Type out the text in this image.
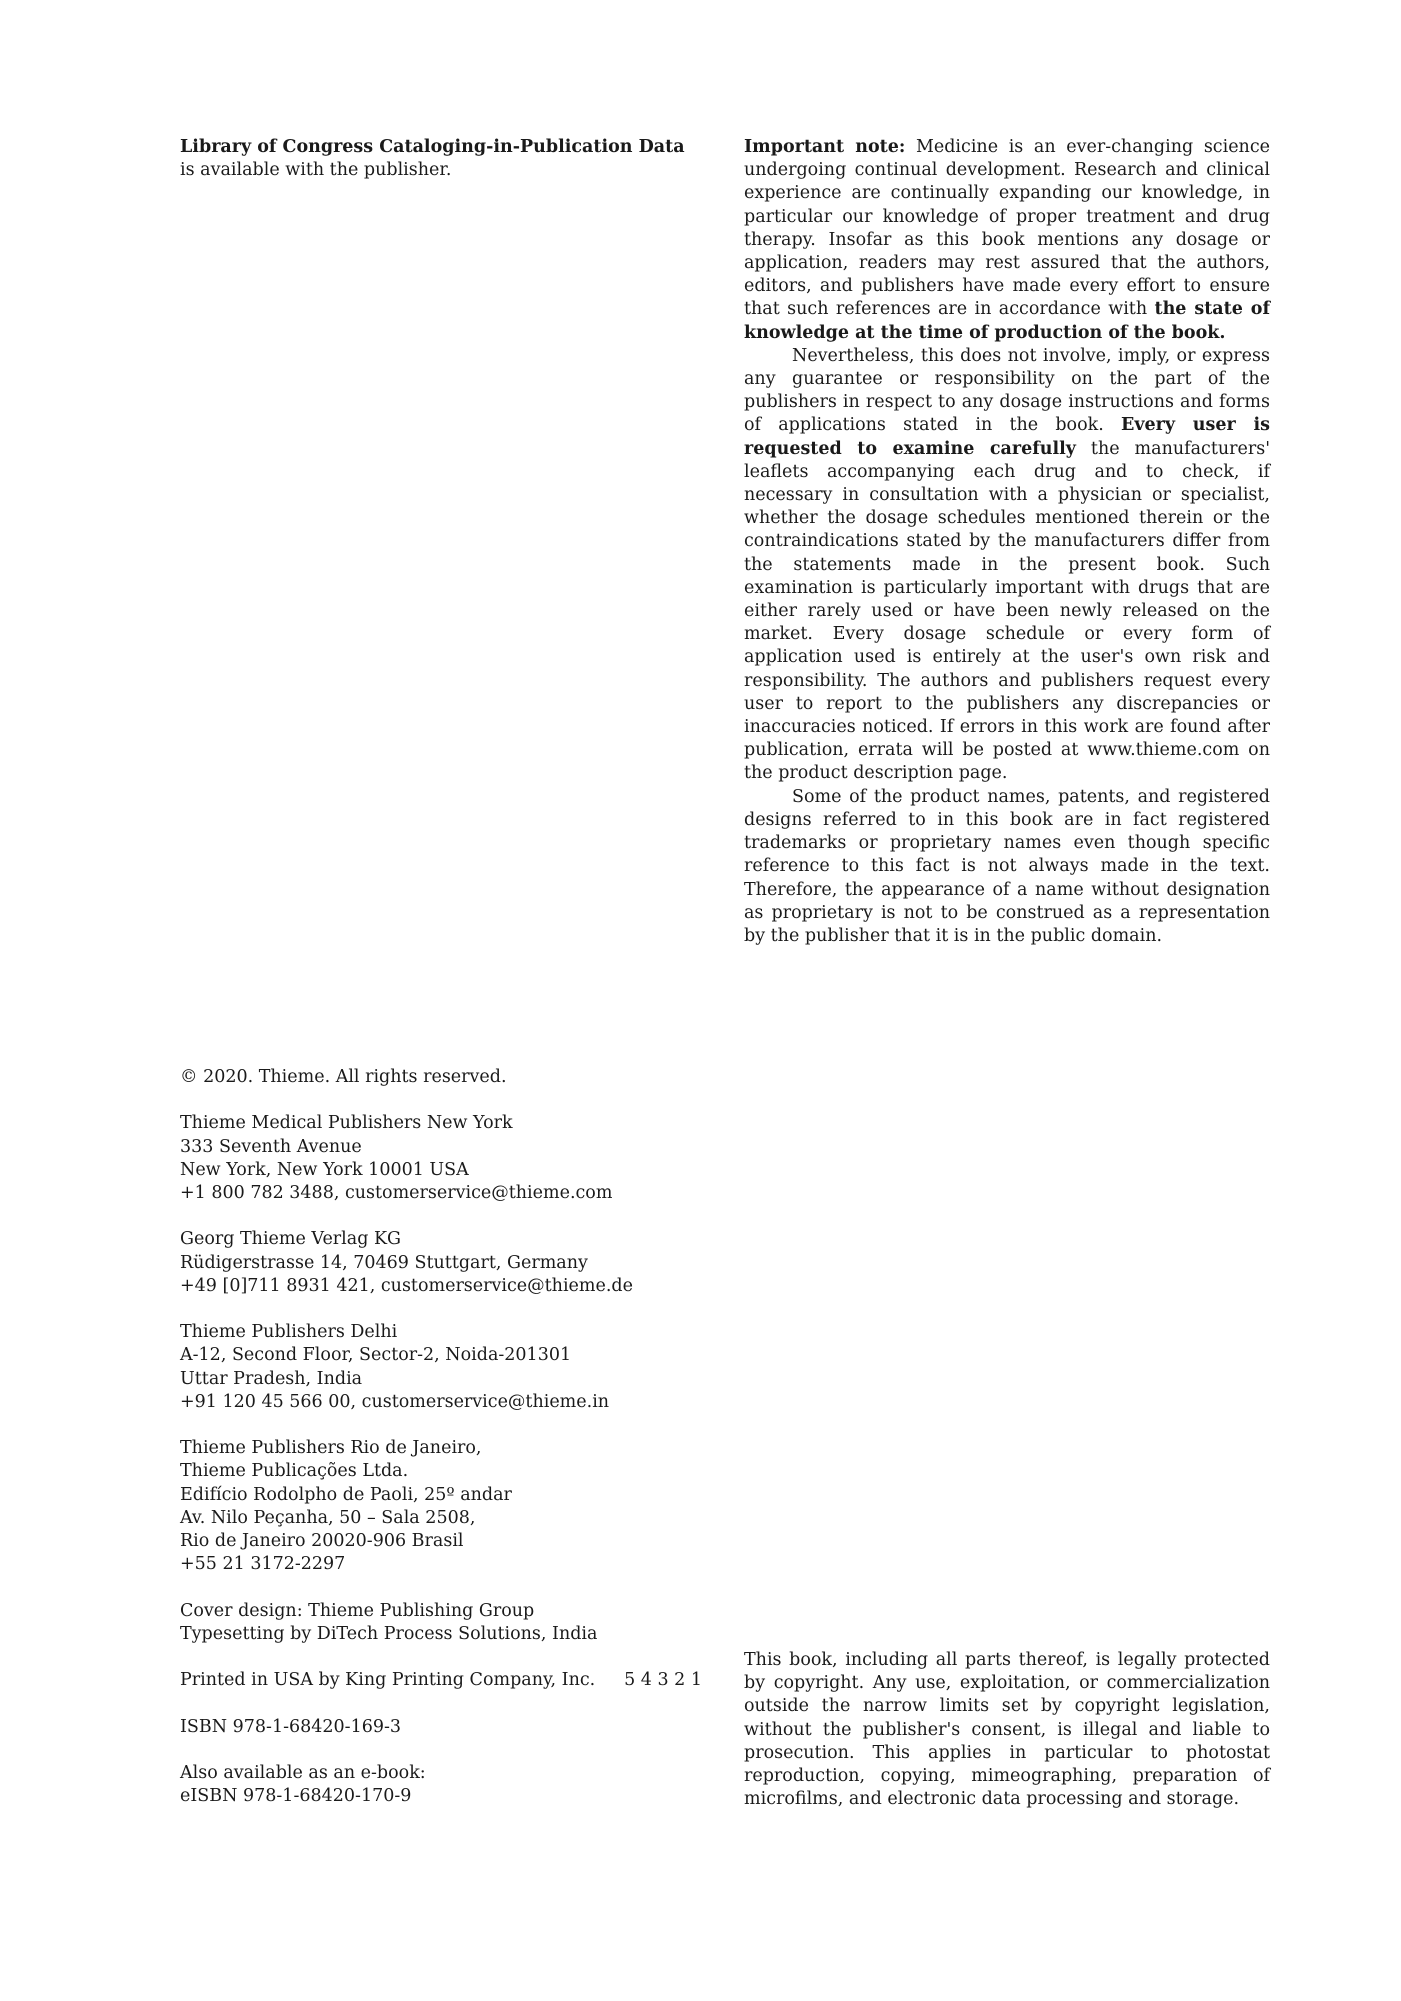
Library of Congress Cataloging-in-Publication Data is available with the publisher.

Important note: Medicine is an ever-changing science undergoing continual development. Research and clinical experience are continually expanding our knowledge, in particular our knowledge of proper treatment and drug therapy. Insofar as this book mentions any dosage or application, readers may rest assured that the authors, editors, and publishers have made every effort to ensure that such references are in accordance with the state of knowledge at the time of production of the book.

Nevertheless, this does not involve, imply, or express any guarantee or responsibility on the part of the publishers in respect to any dosage instructions and forms of applications stated in the book. Every user is requested to examine carefully the manufacturers' leaflets accompanying each drug and to check, if necessary in consultation with a physician or specialist, whether the dosage schedules mentioned therein or the contraindications stated by the manufacturers differ from the statements made in the present book. Such examination is particularly important with drugs that are either rarely used or have been newly released on the market. Every dosage schedule or every form of application used is entirely at the user's own risk and responsibility. The authors and publishers request every user to report to the publishers any discrepancies or inaccuracies noticed. If errors in this work are found after publication, errata will be posted at www.thieme.com on the product description page.

Some of the product names, patents, and registered designs referred to in this book are in fact registered trademarks or proprietary names even though specific reference to this fact is not always made in the text. Therefore, the appearance of a name without designation as proprietary is not to be construed as a representation by the publisher that it is in the public domain.

© 2020. Thieme. All rights reserved.
Thieme Medical Publishers New York
333 Seventh Avenue
New York, New York 10001 USA
+1 800 782 3488, customerservice@thieme.com
Georg Thieme Verlag KG
Rüdigerstrasse 14, 70469 Stuttgart, Germany
+49 [0]711 8931 421, customerservice@thieme.de
Thieme Publishers Delhi
A-12, Second Floor, Sector-2, Noida-201301
Uttar Pradesh, India
+91 120 45 566 00, customerservice@thieme.in
Thieme Publishers Rio de Janeiro,
Thieme Publicações Ltda.
Edifício Rodolpho de Paoli, 25º andar
Av. Nilo Peçanha, 50 – Sala 2508,
Rio de Janeiro 20020-906 Brasil
+55 21 3172-2297
Cover design: Thieme Publishing Group
Typesetting by DiTech Process Solutions, India
Printed in USA by King Printing Company, Inc. 5 4 3 2 1
ISBN 978-1-68420-169-3
Also available as an e-book:
eISBN 978-1-68420-170-9

This book, including all parts thereof, is legally protected by copyright. Any use, exploitation, or commercialization outside the narrow limits set by copyright legislation, without the publisher's consent, is illegal and liable to prosecution. This applies in particular to photostat reproduction, copying, mimeographing, preparation of microfilms, and electronic data processing and storage.
